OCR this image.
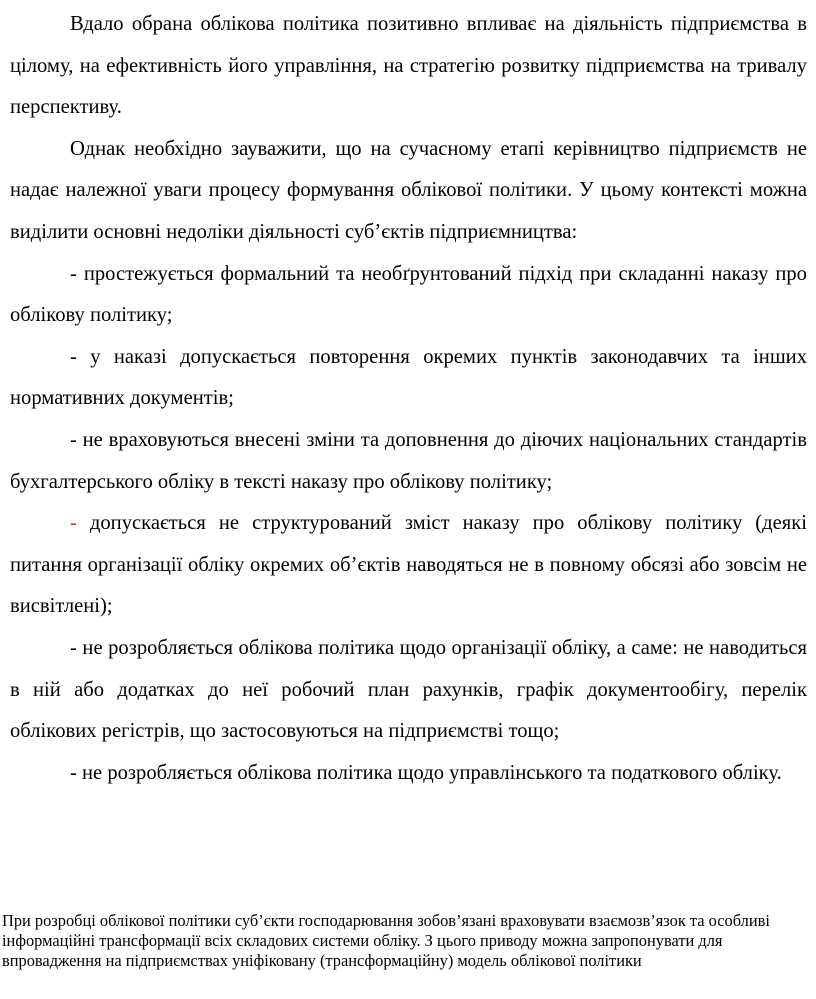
Вдало обрана облікова політика позитивно впливає на діяльність підприємства в цілому, на ефективність його управління, на стратегію розвитку підприємства на тривалу перспективу.

Однак необхідно зауважити, що на сучасному етапі керівництво підприємств не надає належної уваги процесу формування облікової політики. У цьому контексті можна виділити основні недоліки діяльності суб’єктів підприємництва:

- простежується формальний та необґрунтований підхід при складанні наказу про облікову політику;

- у наказі допускається повторення окремих пунктів законодавчих та інших нормативних документів;

- не враховуються внесені зміни та доповнення до діючих національних стандартів бухгалтерського обліку в тексті наказу про облікову політику;

- допускається не структурований зміст наказу про облікову політику (деякі питання організації обліку окремих об’єктів наводяться не в повному обсязі або зовсім не висвітлені);

- не розробляється облікова політика щодо організації обліку, а саме: не наводиться в ній або додатках до неї робочий план рахунків, графік документообігу, перелік облікових регістрів, що застосовуються на підприємстві тощо;

- не розробляється облікова політика щодо управлінського та податкового обліку.

При розробці облікової політики суб’єкти господарювання зобов’язані враховувати взаємозв’язок та особливі інформаційні трансформації всіх складових системи обліку. З цього приводу можна запропонувати для впровадження на підприємствах уніфіковану (трансформаційну) модель облікової політики
